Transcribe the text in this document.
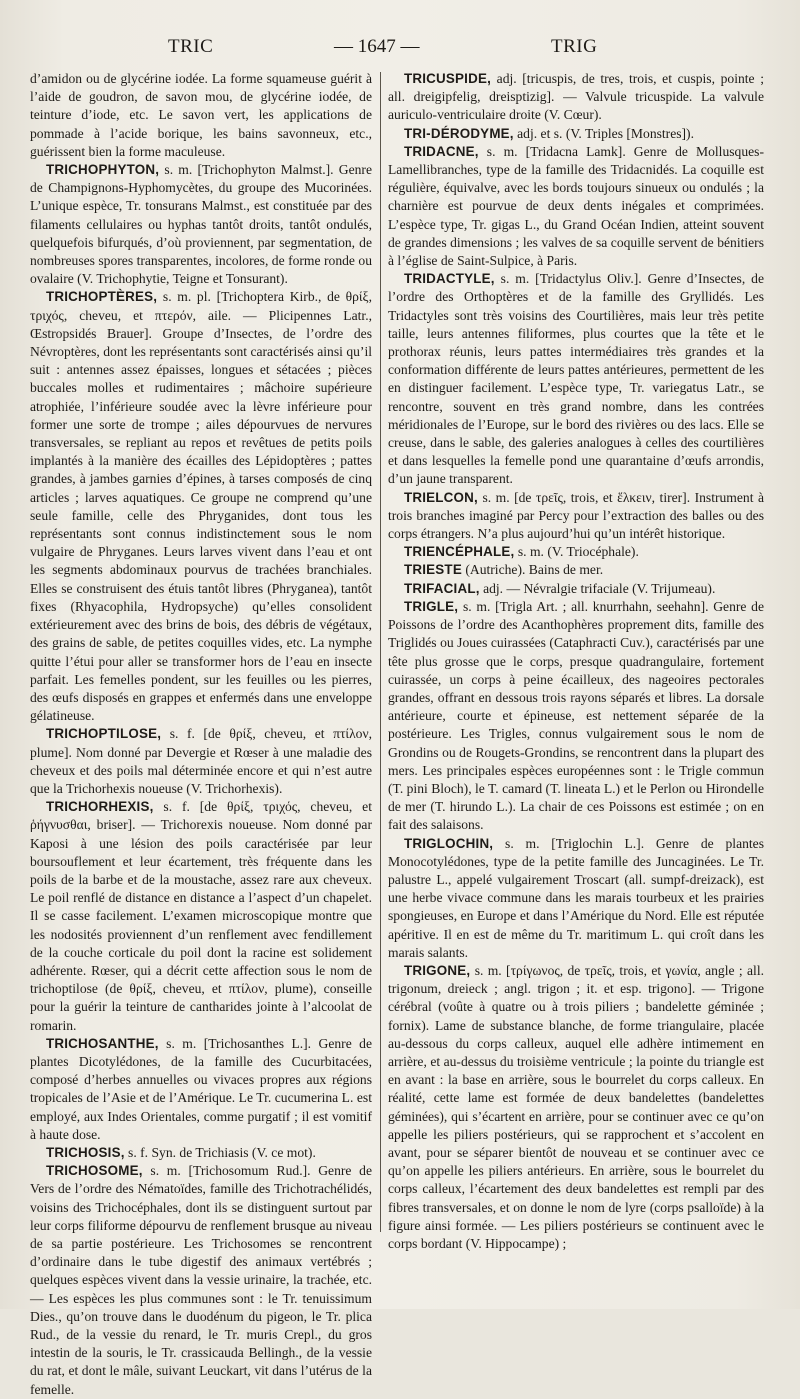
TRIC	— 1647 —	TRIG

d’amidon ou de glycérine iodée. La forme squameuse guérit à l’aide de goudron, de savon mou, de glycérine iodée, de teinture d’iode, etc. Le savon vert, les applications de pommade à l’acide borique, les bains savonneux, etc., guérissent bien la forme maculeuse.

TRICHOPHYTON, s. m. [Trichophyton Malmst.]. Genre de Champignons-Hyphomycètes, du groupe des Mucorinées. L’unique espèce, Tr. tonsurans Malmst., est constituée par des filaments cellulaires ou hyphas tantôt droits, tantôt ondulés, quelquefois bifurqués, d’où proviennent, par segmentation, de nombreuses spores transparentes, incolores, de forme ronde ou ovalaire (V. Trichophytie, Teigne et Tonsurant).

TRICHOPTÈRES, s. m. pl. [Trichoptera Kirb., de θρίξ, τριχός, cheveu, et πτερόν, aile. — Plicipennes Latr., Œstropsidés Brauer]. Groupe d’Insectes, de l’ordre des Névroptères, dont les représentants sont caractérisés ainsi qu’il suit : antennes assez épaisses, longues et sétacées ; pièces buccales molles et rudimentaires ; mâchoire supérieure atrophiée, l’inférieure soudée avec la lèvre inférieure pour former une sorte de trompe ; ailes dépourvues de nervures transversales, se repliant au repos et revêtues de petits poils implantés à la manière des écailles des Lépidoptères ; pattes grandes, à jambes garnies d’épines, à tarses composés de cinq articles ; larves aquatiques. Ce groupe ne comprend qu’une seule famille, celle des Phryganides, dont tous les représentants sont connus indistinctement sous le nom vulgaire de Phryganes. Leurs larves vivent dans l’eau et ont les segments abdominaux pourvus de trachées branchiales. Elles se construisent des étuis tantôt libres (Phryganea), tantôt fixes (Rhyacophila, Hydropsyche) qu’elles consolident extérieurement avec des brins de bois, des débris de végétaux, des grains de sable, de petites coquilles vides, etc. La nymphe quitte l’étui pour aller se transformer hors de l’eau en insecte parfait. Les femelles pondent, sur les feuilles ou les pierres, des œufs disposés en grappes et enfermés dans une enveloppe gélatineuse.

TRICHOPTILOSE, s. f. [de θρίξ, cheveu, et πτίλον, plume]. Nom donné par Devergie et Rœser à une maladie des cheveux et des poils mal déterminée encore et qui n’est autre que la Trichorhexis noueuse (V. Trichorhexis).

TRICHORHEXIS, s. f. [de θρίξ, τριχός, cheveu, et ῥήγνυσθαι, briser]. — Trichorexis noueuse. Nom donné par Kaposi à une lésion des poils caractérisée par leur boursouflement et leur écartement, très fréquente dans les poils de la barbe et de la moustache, assez rare aux cheveux. Le poil renflé de distance en distance a l’aspect d’un chapelet. Il se casse facilement. L’examen microscopique montre que les nodosités proviennent d’un renflement avec fendillement de la couche corticale du poil dont la racine est solidement adhérente. Rœser, qui a décrit cette affection sous le nom de trichoptilose (de θρίξ, cheveu, et πτίλον, plume), conseille pour la guérir la teinture de cantharides jointe à l’alcoolat de romarin.

TRICHOSANTHE, s. m. [Trichosanthes L.]. Genre de plantes Dicotylédones, de la famille des Cucurbitacées, composé d’herbes annuelles ou vivaces propres aux régions tropicales de l’Asie et de l’Amérique. Le Tr. cucumerina L. est employé, aux Indes Orientales, comme purgatif ; il est vomitif à haute dose.

TRICHOSIS, s. f. Syn. de Trichiasis (V. ce mot).

TRICHOSOME, s. m. [Trichosomum Rud.]. Genre de Vers de l’ordre des Nématoïdes, famille des Trichotrachélidés, voisins des Trichocéphales, dont ils se distinguent surtout par leur corps filiforme dépourvu de renflement brusque au niveau de sa partie postérieure. Les Trichosomes se rencontrent d’ordinaire dans le tube digestif des animaux vertébrés ; quelques espèces vivent dans la vessie urinaire, la trachée, etc. — Les espèces les plus communes sont : le Tr. tenuissimum Dies., qu’on trouve dans le duodénum du pigeon, le Tr. plica Rud., de la vessie du renard, le Tr. muris Crepl., du gros intestin de la souris, le Tr. crassicauda Bellingh., de la vessie du rat, et dont le mâle, suivant Leuckart, vit dans l’utérus de la femelle.

TRICUSPIDE, adj. [tricuspis, de tres, trois, et cuspis, pointe ; all. dreigipfelig, dreisptizig]. — Valvule tricuspide. La valvule auriculo-ventriculaire droite (V. Cœur).

TRI-DÉRODYME, adj. et s. (V. Triples [Monstres]).

TRIDACNE, s. m. [Tridacna Lamk]. Genre de Mollusques-Lamellibranches, type de la famille des Tridacnidés. La coquille est régulière, équivalve, avec les bords toujours sinueux ou ondulés ; la charnière est pourvue de deux dents inégales et comprimées. L’espèce type, Tr. gigas L., du Grand Océan Indien, atteint souvent de grandes dimensions ; les valves de sa coquille servent de bénitiers à l’église de Saint-Sulpice, à Paris.

TRIDACTYLE, s. m. [Tridactylus Oliv.]. Genre d’Insectes, de l’ordre des Orthoptères et de la famille des Gryllidés. Les Tridactyles sont très voisins des Courtilières, mais leur très petite taille, leurs antennes filiformes, plus courtes que la tête et le prothorax réunis, leurs pattes intermédiaires très grandes et la conformation différente de leurs pattes antérieures, permettent de les en distinguer facilement. L’espèce type, Tr. variegatus Latr., se rencontre, souvent en très grand nombre, dans les contrées méridionales de l’Europe, sur le bord des rivières ou des lacs. Elle se creuse, dans le sable, des galeries analogues à celles des courtilières et dans lesquelles la femelle pond une quarantaine d’œufs arrondis, d’un jaune transparent.

TRIELCON, s. m. [de τρεῖς, trois, et ἕλκειν, tirer]. Instrument à trois branches imaginé par Percy pour l’extraction des balles ou des corps étrangers. N’a plus aujourd’hui qu’un intérêt historique.

TRIENCÉPHALE, s. m. (V. Triocéphale).

TRIESTE (Autriche). Bains de mer.

TRIFACIAL, adj. — Névralgie trifaciale (V. Trijumeau).

TRIGLE, s. m. [Trigla Art. ; all. knurrhahn, seehahn]. Genre de Poissons de l’ordre des Acanthophères proprement dits, famille des Triglidés ou Joues cuirassées (Cataphracti Cuv.), caractérisés par une tête plus grosse que le corps, presque quadrangulaire, fortement cuirassée, un corps à peine écailleux, des nageoires pectorales grandes, offrant en dessous trois rayons séparés et libres. La dorsale antérieure, courte et épineuse, est nettement séparée de la postérieure. Les Trigles, connus vulgairement sous le nom de Grondins ou de Rougets-Grondins, se rencontrent dans la plupart des mers. Les principales espèces européennes sont : le Trigle commun (T. pini Bloch), le T. camard (T. lineata L.) et le Perlon ou Hirondelle de mer (T. hirundo L.). La chair de ces Poissons est estimée ; on en fait des salaisons.

TRIGLOCHIN, s. m. [Triglochin L.]. Genre de plantes Monocotylédones, type de la petite famille des Juncaginées. Le Tr. palustre L., appelé vulgairement Troscart (all. sumpf-dreizack), est une herbe vivace commune dans les marais tourbeux et les prairies spongieuses, en Europe et dans l’Amérique du Nord. Elle est réputée apéritive. Il en est de même du Tr. maritimum L. qui croît dans les marais salants.

TRIGONE, s. m. [τρίγωνος, de τρεῖς, trois, et γωνία, angle ; all. trigonum, dreieck ; angl. trigon ; it. et esp. trigono]. — Trigone cérébral (voûte à quatre ou à trois piliers ; bandelette géminée ; fornix). Lame de substance blanche, de forme triangulaire, placée au-dessous du corps calleux, auquel elle adhère intimement en arrière, et au-dessus du troisième ventricule ; la pointe du triangle est en avant : la base en arrière, sous le bourrelet du corps calleux. En réalité, cette lame est formée de deux bandelettes (bandelettes géminées), qui s’écartent en arrière, pour se continuer avec ce qu’on appelle les piliers postérieurs, qui se rapprochent et s’accolent en avant, pour se séparer bientôt de nouveau et se continuer avec ce qu’on appelle les piliers antérieurs. En arrière, sous le bourrelet du corps calleux, l’écartement des deux bandelettes est rempli par des fibres transversales, et on donne le nom de lyre (corps psalloïde) à la figure ainsi formée. — Les piliers postérieurs se continuent avec le corps bordant (V. Hippocampe) ;
